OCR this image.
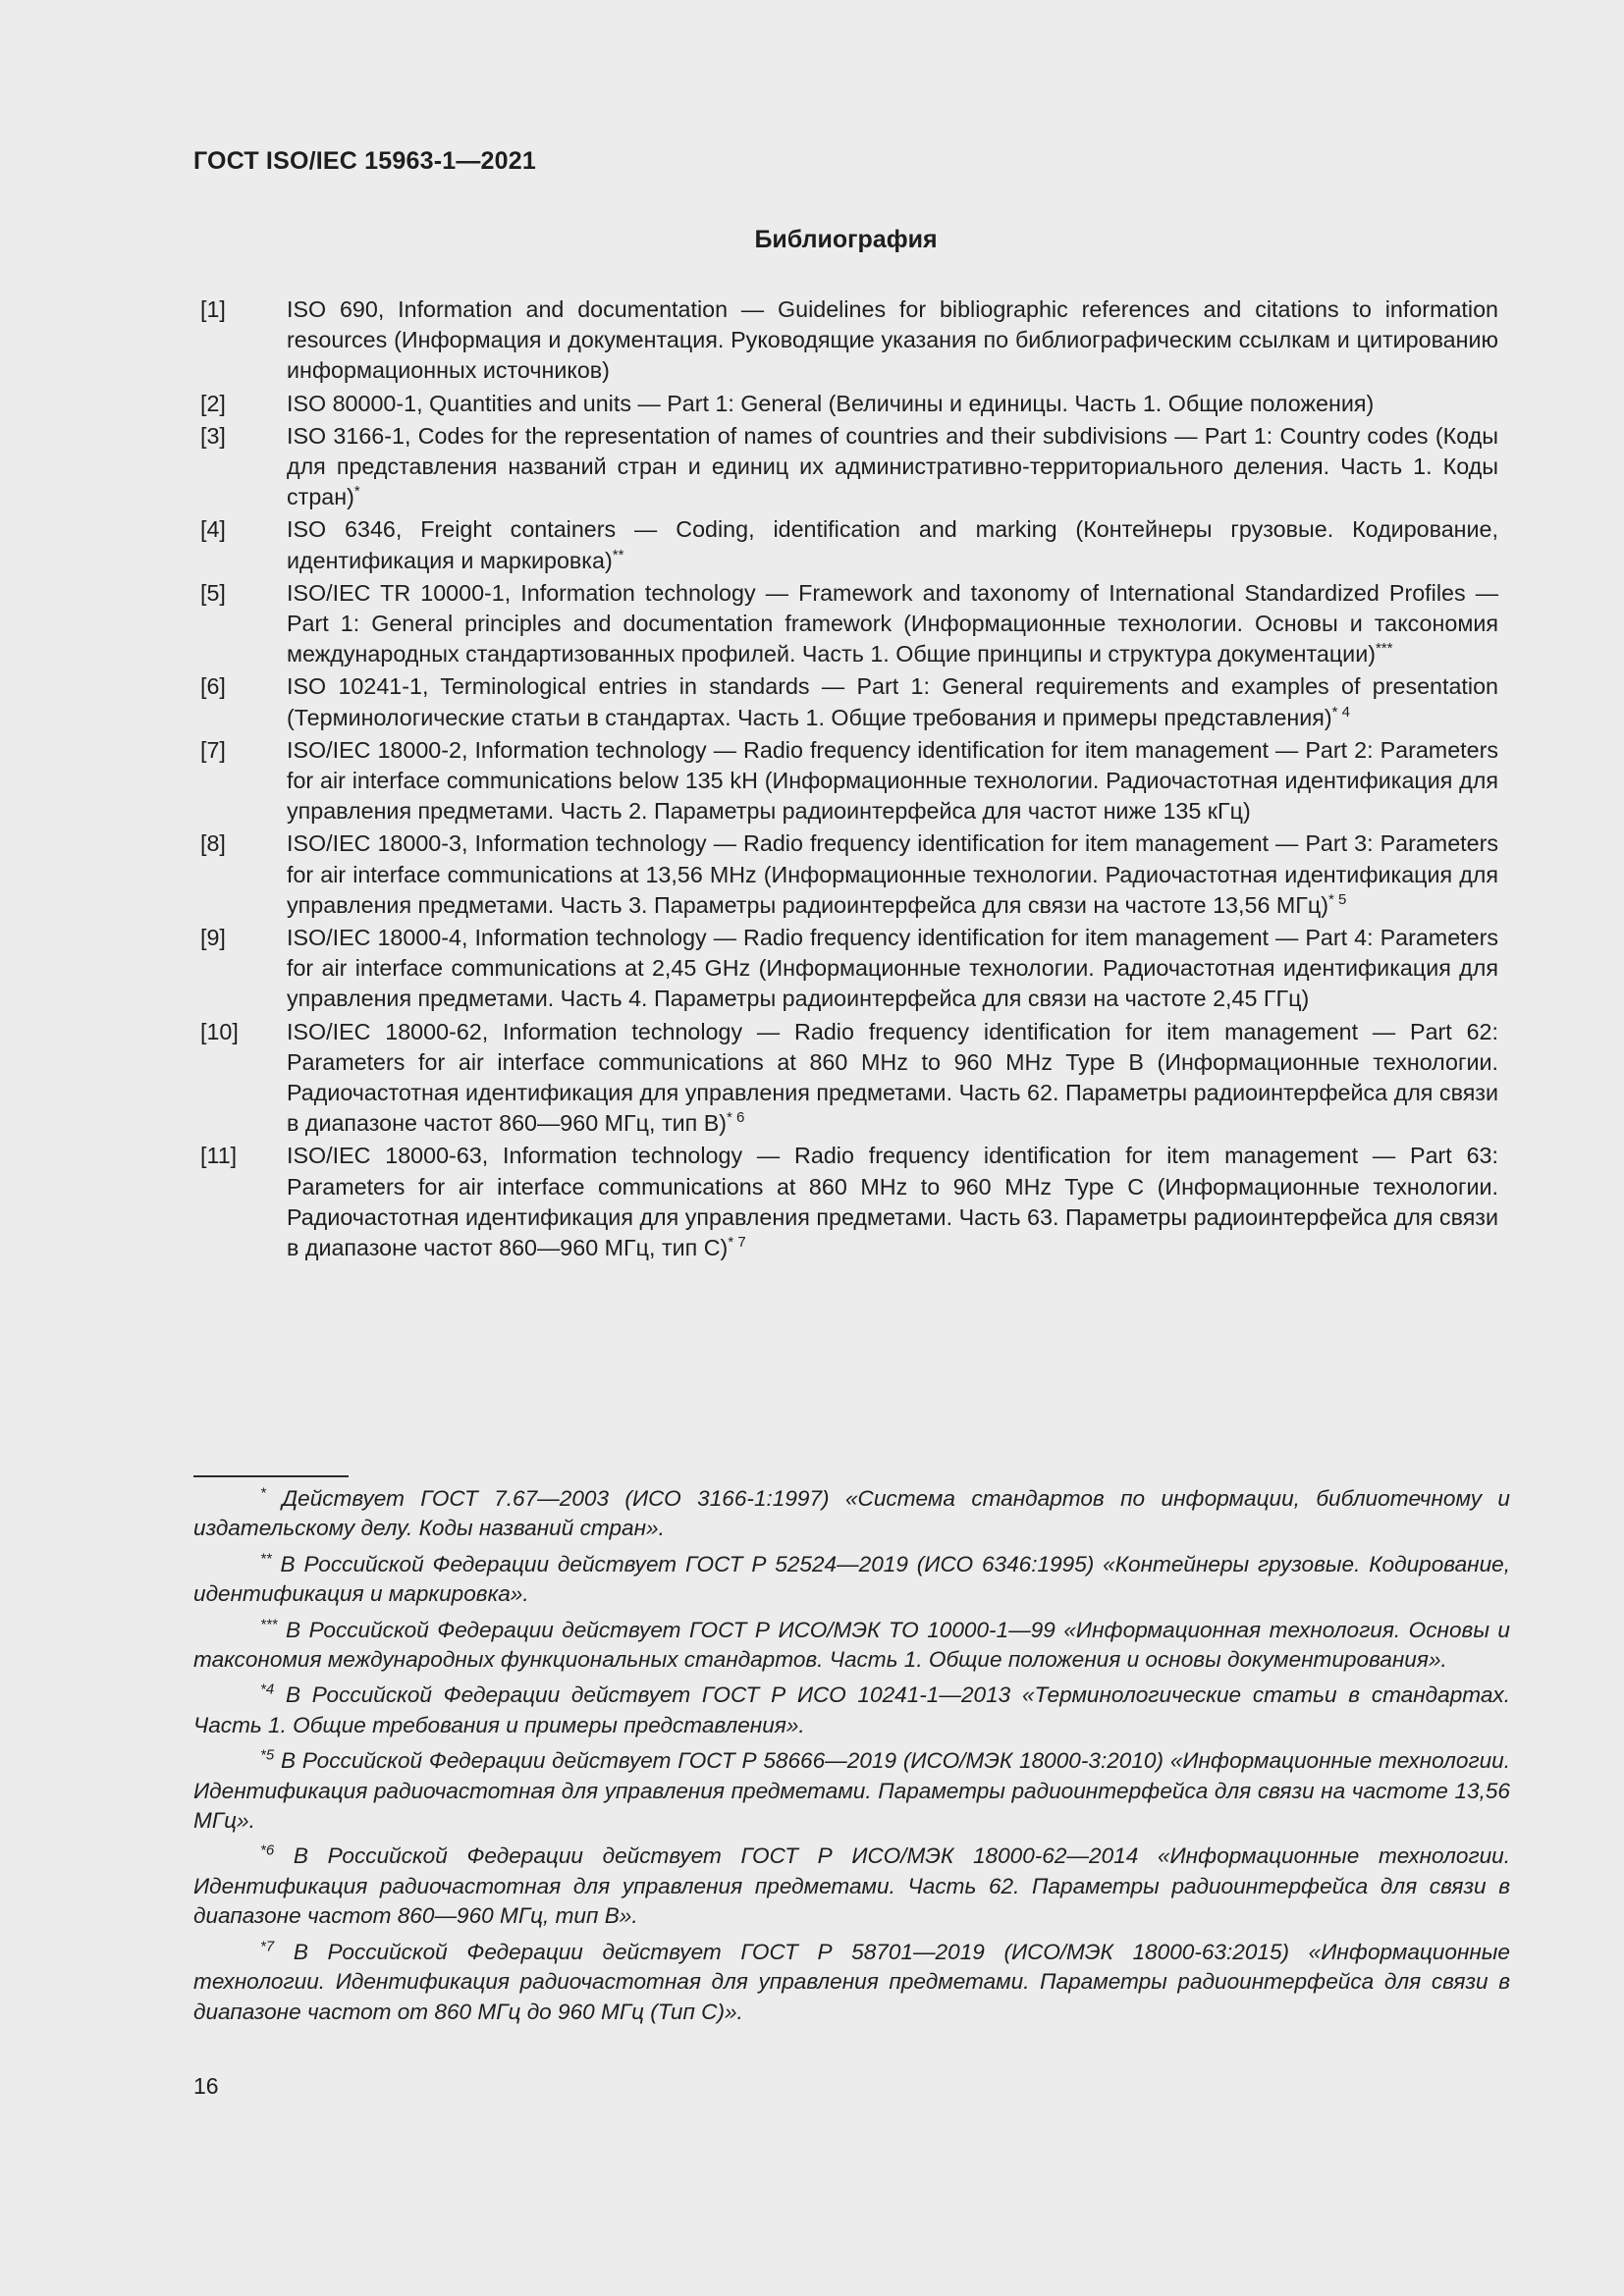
ГОСТ ISO/IEC 15963-1—2021
Библиография
[1]	ISO 690, Information and documentation — Guidelines for bibliographic references and citations to information resources (Информация и документация. Руководящие указания по библиографическим ссылкам и цитированию информационных источников)
[2]	ISO 80000-1, Quantities and units — Part 1: General (Величины и единицы. Часть 1. Общие положения)
[3]	ISO 3166-1, Codes for the representation of names of countries and their subdivisions — Part 1: Country codes (Коды для представления названий стран и единиц их административно-территориального деления. Часть 1. Коды стран)*
[4]	ISO 6346, Freight containers — Coding, identification and marking (Контейнеры грузовые. Кодирование, идентификация и маркировка)**
[5]	ISO/IEC TR 10000-1, Information technology — Framework and taxonomy of International Standardized Profiles — Part 1: General principles and documentation framework (Информационные технологии. Основы и таксономия международных стандартизованных профилей. Часть 1. Общие принципы и структура документации)***
[6]	ISO 10241-1, Terminological entries in standards — Part 1: General requirements and examples of presentation (Терминологические статьи в стандартах. Часть 1. Общие требования и примеры представления)$^{* 4}$
[7]	ISO/IEC 18000-2, Information technology — Radio frequency identification for item management — Part 2: Parameters for air interface communications below 135 kH (Информационные технологии. Радиочастотная идентификация для управления предметами. Часть 2. Параметры радиоинтерфейса для частот ниже 135 кГц)
[8]	ISO/IEC 18000-3, Information technology — Radio frequency identification for item management — Part 3: Parameters for air interface communications at 13,56 MHz (Информационные технологии. Радиочастотная идентификация для управления предметами. Часть 3. Параметры радиоинтерфейса для связи на частоте 13,56 МГц)$^{* 5}$
[9]	ISO/IEC 18000-4, Information technology — Radio frequency identification for item management — Part 4: Parameters for air interface communications at 2,45 GHz (Информационные технологии. Радиочастотная идентификация для управления предметами. Часть 4. Параметры радиоинтерфейса для связи на частоте 2,45 ГГц)
[10]	ISO/IEC 18000-62, Information technology — Radio frequency identification for item management — Part 62: Parameters for air interface communications at 860 MHz to 960 MHz Type B (Информационные технологии. Радиочастотная идентификация для управления предметами. Часть 62. Параметры радиоинтерфейса для связи в диапазоне частот 860—960 МГц, тип B)$^{* 6}$
[11]	ISO/IEC 18000-63, Information technology — Radio frequency identification for item management — Part 63: Parameters for air interface communications at 860 MHz to 960 MHz Type C (Информационные технологии. Радиочастотная идентификация для управления предметами. Часть 63. Параметры радиоинтерфейса для связи в диапазоне частот 860—960 МГц, тип C)$^{* 7}$

* Действует ГОСТ 7.67—2003 (ИСО 3166-1:1997) «Система стандартов по информации, библиотечному и издательскому делу. Коды названий стран».

** В Российской Федерации действует ГОСТ Р 52524—2019 (ИСО 6346:1995) «Контейнеры грузовые. Кодирование, идентификация и маркировка».

*** В Российской Федерации действует ГОСТ Р ИСО/МЭК ТО 10000-1—99 «Информационная технология. Основы и таксономия международных функциональных стандартов. Часть 1. Общие положения и основы документирования».

$^{*4}$ В Российской Федерации действует ГОСТ Р ИСО 10241-1—2013 «Терминологические статьи в стандартах. Часть 1. Общие требования и примеры представления».

$^{*5}$ В Российской Федерации действует ГОСТ Р 58666—2019 (ИСО/МЭК 18000-3:2010) «Информационные технологии. Идентификация радиочастотная для управления предметами. Параметры радиоинтерфейса для связи на частоте 13,56 МГц».

$^{*6}$ В Российской Федерации действует ГОСТ Р ИСО/МЭК 18000-62—2014 «Информационные технологии. Идентификация радиочастотная для управления предметами. Часть 62. Параметры радиоинтерфейса для связи в диапазоне частот 860—960 МГц, тип B».

$^{*7}$ В Российской Федерации действует ГОСТ Р 58701—2019 (ИСО/МЭК 18000-63:2015) «Информационные технологии. Идентификация радиочастотная для управления предметами. Параметры радиоинтерфейса для связи в диапазоне частот от 860 МГц до 960 МГц (Тип C)».

16
